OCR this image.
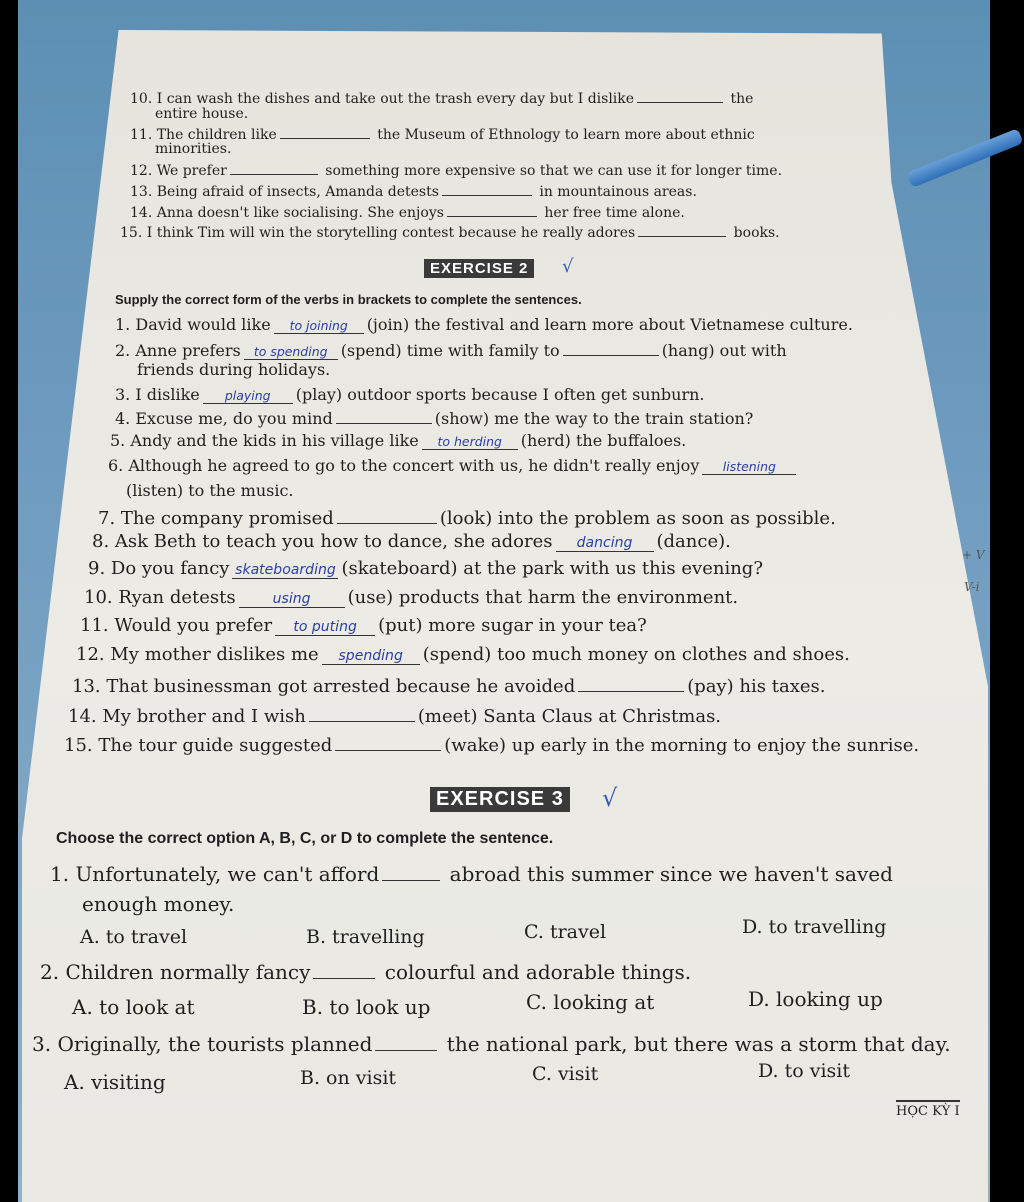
10. I can wash the dishes and take out the trash every day but I dislike	the

entire house.

11. The children like	the Museum of Ethnology to learn more about ethnic

minorities.

12. We prefer	something more expensive so that we can use it for longer time.

13. Being afraid of insects, Amanda detests	in mountainous areas.

14. Anna doesn't like socialising. She enjoys	her free time alone.

15. I think Tim will win the storytelling contest because he really adores	books.

EXERCISE 2	√

Supply the correct form of the verbs in brackets to complete the sentences.

1. David would like to joining (join) the festival and learn more about Vietnamese culture.

2. Anne prefers to spending (spend) time with family to	(hang) out with

friends during holidays.

3. I dislike playing (play) outdoor sports because I often get sunburn.

4. Excuse me, do you mind	(show) me the way to the train station?

5. Andy and the kids in his village like to herding (herd) the buffaloes.

6. Although he agreed to go to the concert with us, he didn't really enjoy listening

(listen) to the music.

7. The company promised	(look) into the problem as soon as possible.

8. Ask Beth to teach you how to dance, she adores dancing (dance).

9. Do you fancy skateboarding (skateboard) at the park with us this evening?

10. Ryan detests	using (use) products that harm the environment.

11. Would you prefer to puting (put) more sugar in your tea?

12. My mother dislikes me spending (spend) too much money on clothes and shoes.

13. That businessman got arrested because he avoided	(pay) his taxes.

14. My brother and I wish	(meet) Santa Claus at Christmas.

15. The tour guide suggested	(wake) up early in the morning to enjoy the sunrise.

+ V
V-i
EXERCISE 3 √

Choose the correct option A, B, C, or D to complete the sentence.

1. Unfortunately, we can't afford	abroad this summer since we haven't saved

enough money.

A. to travel	B. travelling	C. travel	D. to travelling

2. Children normally fancy	colourful and adorable things.

A. to look at	B. to look up	C. looking at	D. looking up

3. Originally, the tourists planned	the national park, but there was a storm that day.

A. visiting	B. on visit	C. visit	D. to visit

HỌC KỲ I
